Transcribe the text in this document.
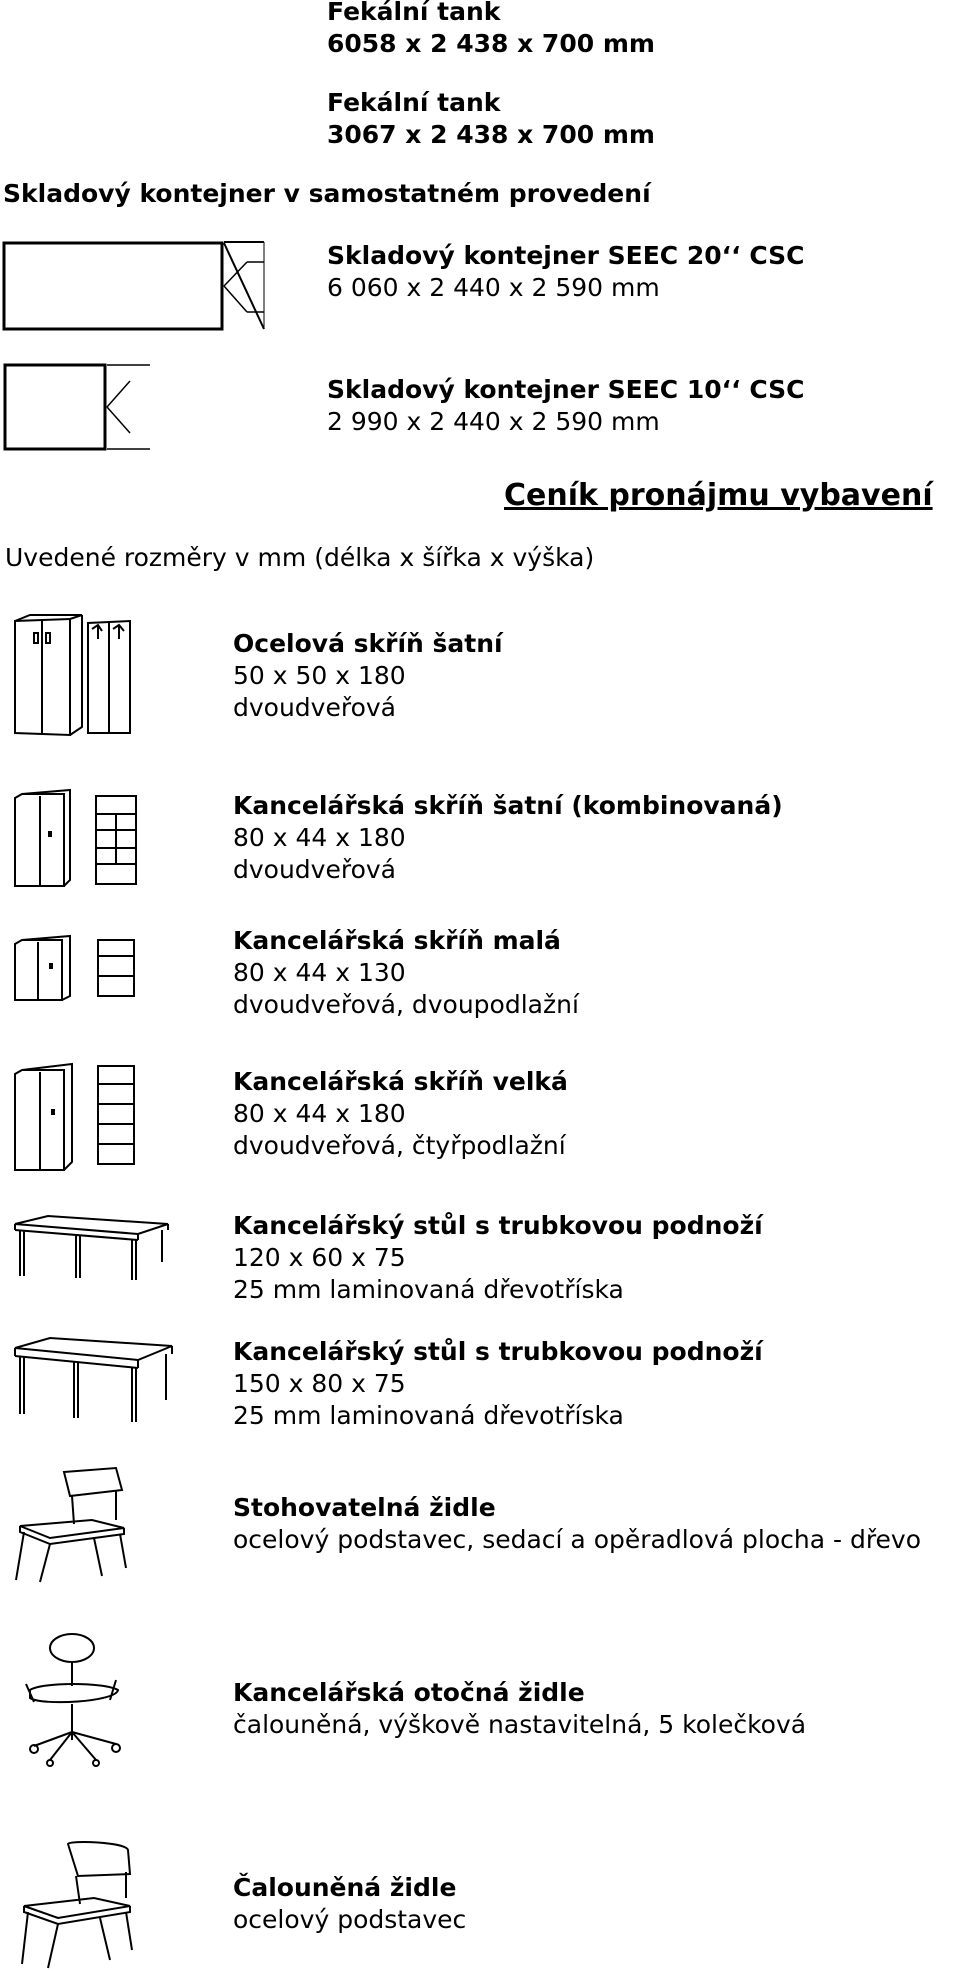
Fekální tank
6058 x 2 438 x 700 mm
Fekální tank
3067 x 2 438 x 700 mm
Skladový kontejner v samostatném provedení
Skladový kontejner SEEC 20‘‘ CSC
6 060 x 2 440 x 2 590 mm
Skladový kontejner SEEC 10‘‘ CSC
2 990 x 2 440 x 2 590 mm
Ceník pronájmu vybavení
Uvedené rozměry v mm (délka x šířka x výška)
Ocelová skříň šatní
50 x 50 x 180
dvoudveřová
Kancelářská skříň šatní (kombinovaná)
80 x 44 x 180
dvoudveřová
Kancelářská skříň malá
80 x 44 x 130
dvoudveřová, dvoupodlažní
Kancelářská skříň velká
80 x 44 x 180
dvoudveřová, čtyřpodlažní
Kancelářský stůl s trubkovou podnoží
120 x 60 x 75
25 mm laminovaná dřevotříska
Kancelářský stůl s trubkovou podnoží
150 x 80 x 75
25 mm laminovaná dřevotříska
Stohovatelná židle
ocelový podstavec, sedací a opěradlová plocha - dřevo
Kancelářská otočná židle
čalouněná, výškově nastavitelná, 5 kolečková
Čalouněná židle
ocelový podstavec
